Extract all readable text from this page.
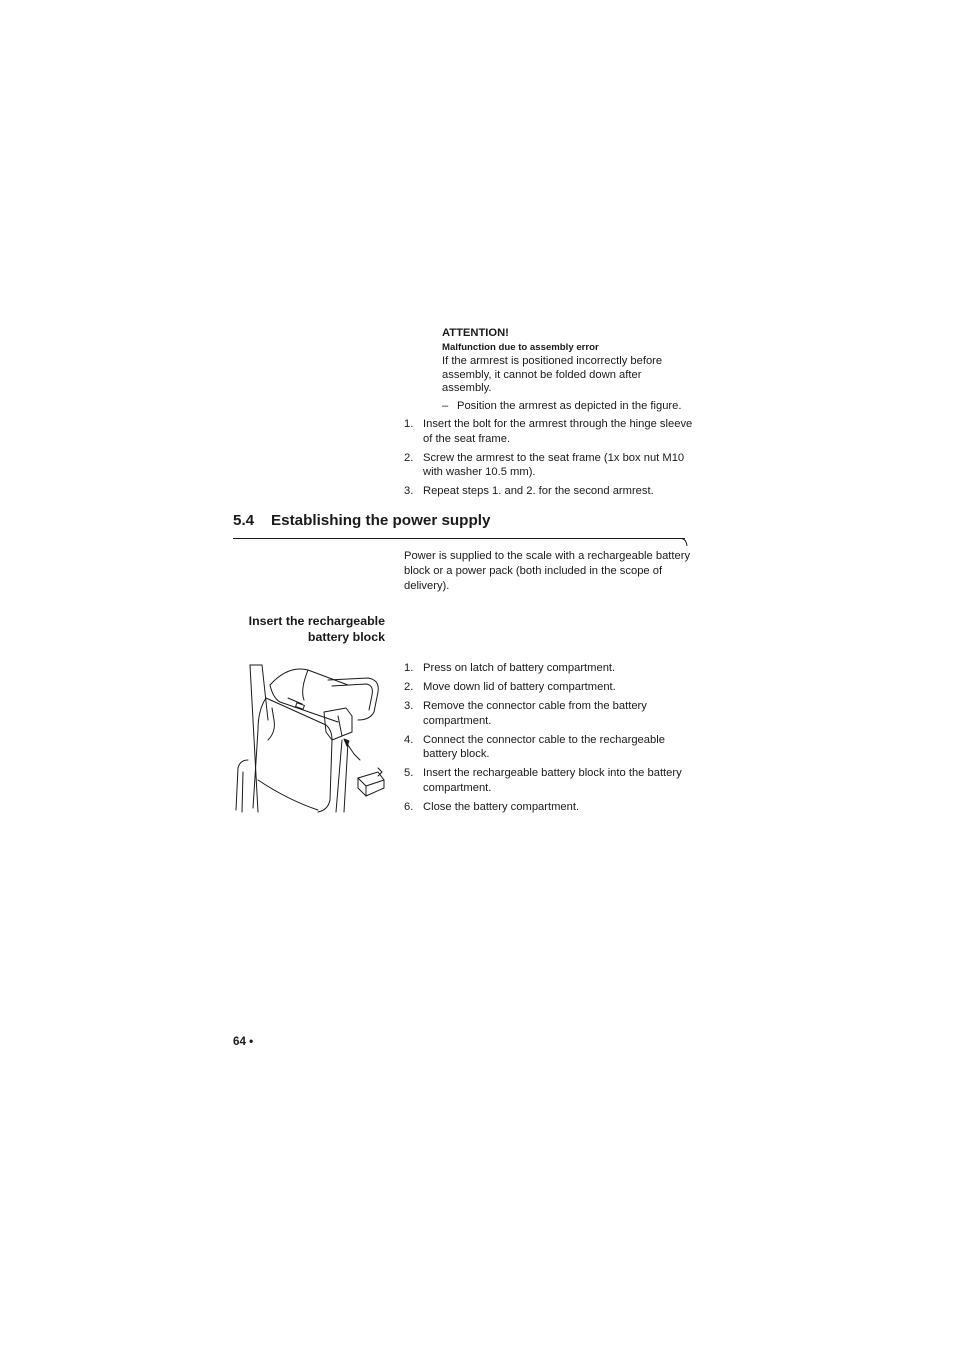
ATTENTION!
Malfunction due to assembly error
If the armrest is positioned incorrectly before assembly, it cannot be folded down after assembly.
– Position the armrest as depicted in the figure.
1. Insert the bolt for the armrest through the hinge sleeve of the seat frame.
2. Screw the armrest to the seat frame (1x box nut M10 with washer 10.5 mm).
3. Repeat steps 1. and 2. for the second armrest.
5.4 Establishing the power supply
Power is supplied to the scale with a rechargeable battery block or a power pack (both included in the scope of delivery).
Insert the rechargeable battery block
1. Press on latch of battery compartment.
2. Move down lid of battery compartment.
3. Remove the connector cable from the battery compartment.
4. Connect the connector cable to the rechargeable battery block.
5. Insert the rechargeable battery block into the battery compartment.
6. Close the battery compartment.
64 •
